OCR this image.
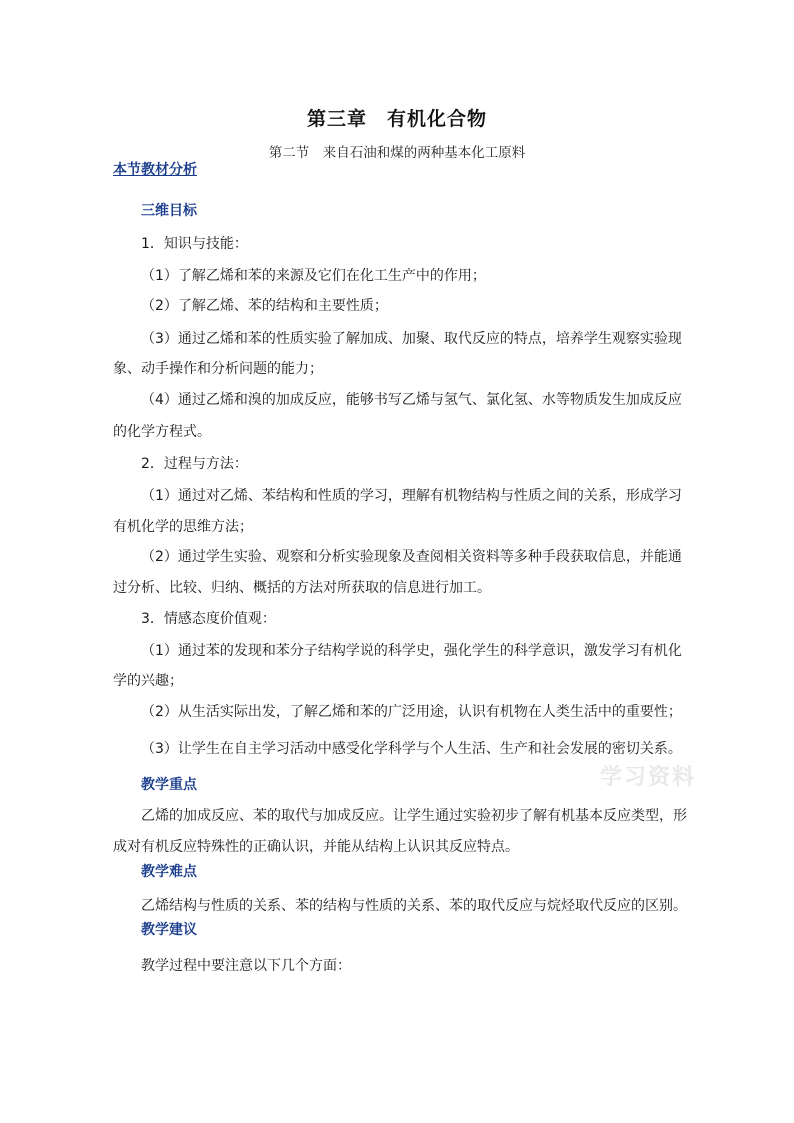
第三章　有机化合物
第二节　来自石油和煤的两种基本化工原料
本节教材分析
三维目标
1．知识与技能：
（1）了解乙烯和苯的来源及它们在化工生产中的作用；
（2）了解乙烯、苯的结构和主要性质；
（3）通过乙烯和苯的性质实验了解加成、加聚、取代反应的特点，培养学生观察实验现
象、动手操作和分析问题的能力；
（4）通过乙烯和溴的加成反应，能够书写乙烯与氢气、氯化氢、水等物质发生加成反应
的化学方程式。
2．过程与方法：
（1）通过对乙烯、苯结构和性质的学习，理解有机物结构与性质之间的关系，形成学习
有机化学的思维方法；
（2）通过学生实验、观察和分析实验现象及查阅相关资料等多种手段获取信息，并能通
过分析、比较、归纳、概括的方法对所获取的信息进行加工。
3．情感态度价值观：
（1）通过苯的发现和苯分子结构学说的科学史，强化学生的科学意识，激发学习有机化
学的兴趣；
（2）从生活实际出发，了解乙烯和苯的广泛用途，认识有机物在人类生活中的重要性；
（3）让学生在自主学习活动中感受化学科学与个人生活、生产和社会发展的密切关系。
教学重点
乙烯的加成反应、苯的取代与加成反应。让学生通过实验初步了解有机基本反应类型，形
成对有机反应特殊性的正确认识，并能从结构上认识其反应特点。
教学难点
乙烯结构与性质的关系、苯的结构与性质的关系、苯的取代反应与烷烃取代反应的区别。
教学建议
教学过程中要注意以下几个方面：
学习资料
